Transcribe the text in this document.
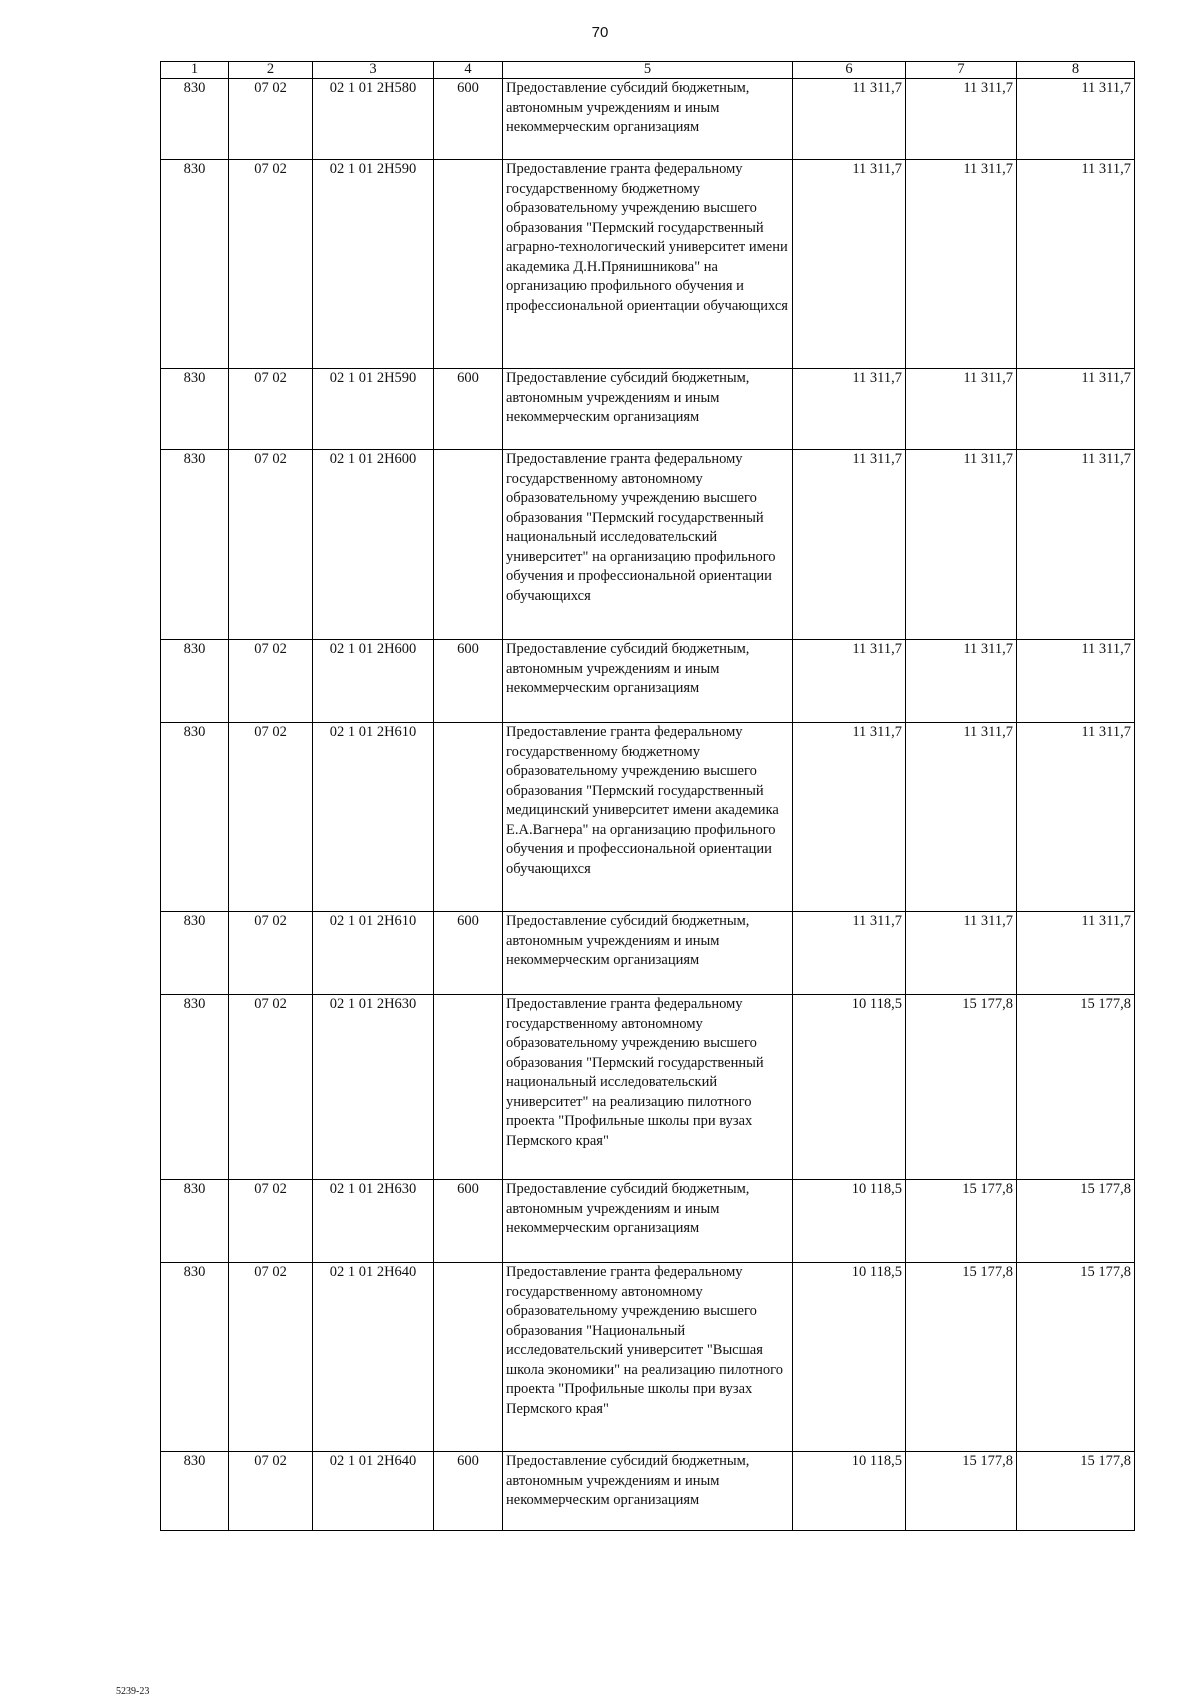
70
1	2	3	4	5	6	7	8
830	07 02	02 1 01 2Н580	600	Предоставление субсидий бюджетным, автономным учреждениям и иным некоммерческим организациям	11 311,7	11 311,7	11 311,7
830	07 02	02 1 01 2Н590		Предоставление гранта федеральному государственному бюджетному образовательному учреждению высшего образования "Пермский государственный аграрно-технологический университет имени академика Д.Н.Прянишникова" на организацию профильного обучения и профессиональной ориентации обучающихся	11 311,7	11 311,7	11 311,7
830	07 02	02 1 01 2Н590	600	Предоставление субсидий бюджетным, автономным учреждениям и иным некоммерческим организациям	11 311,7	11 311,7	11 311,7
830	07 02	02 1 01 2Н600		Предоставление гранта федеральному государственному автономному образовательному учреждению высшего образования "Пермский государственный национальный исследовательский университет" на организацию профильного обучения и профессиональной ориентации обучающихся	11 311,7	11 311,7	11 311,7
830	07 02	02 1 01 2Н600	600	Предоставление субсидий бюджетным, автономным учреждениям и иным некоммерческим организациям	11 311,7	11 311,7	11 311,7
830	07 02	02 1 01 2Н610		Предоставление гранта федеральному государственному бюджетному образовательному учреждению высшего образования "Пермский государственный медицинский университет имени академика Е.А.Вагнера" на организацию профильного обучения и профессиональной ориентации обучающихся	11 311,7	11 311,7	11 311,7
830	07 02	02 1 01 2Н610	600	Предоставление субсидий бюджетным, автономным учреждениям и иным некоммерческим организациям	11 311,7	11 311,7	11 311,7
830	07 02	02 1 01 2Н630		Предоставление гранта федеральному государственному автономному образовательному учреждению высшего образования "Пермский государственный национальный исследовательский университет" на реализацию пилотного проекта "Профильные школы при вузах Пермского края"	10 118,5	15 177,8	15 177,8
830	07 02	02 1 01 2Н630	600	Предоставление субсидий бюджетным, автономным учреждениям и иным некоммерческим организациям	10 118,5	15 177,8	15 177,8
830	07 02	02 1 01 2Н640		Предоставление гранта федеральному государственному автономному образовательному учреждению высшего образования "Национальный исследовательский университет "Высшая школа экономики" на реализацию пилотного проекта "Профильные школы при вузах Пермского края"	10 118,5	15 177,8	15 177,8
830	07 02	02 1 01 2Н640	600	Предоставление субсидий бюджетным, автономным учреждениям и иным некоммерческим организациям	10 118,5	15 177,8	15 177,8
5239-23
